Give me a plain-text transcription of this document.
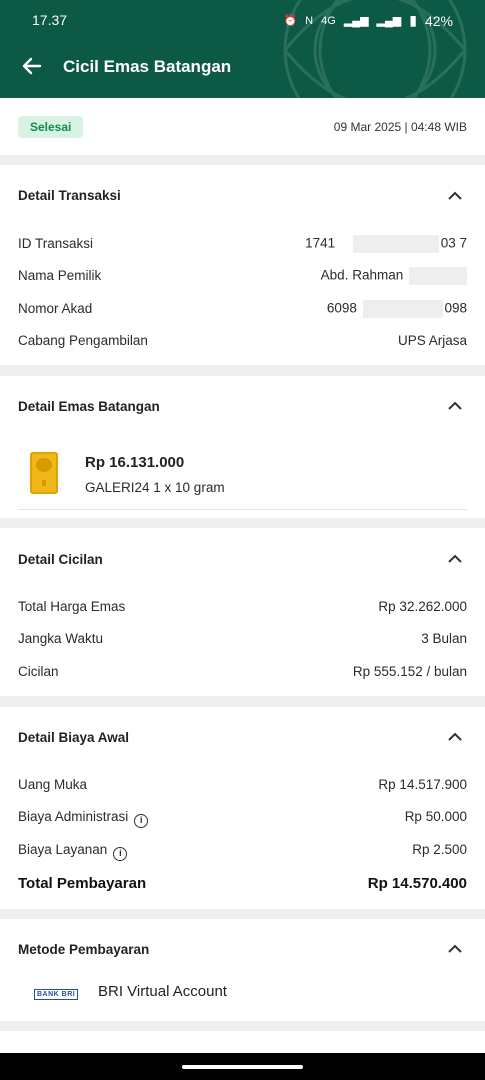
17.37	⏰ N 4G ▂▄▆ ▂▄▆ ▮ 42%
Cicil Emas Batangan
Selesai	09 Mar 2025 | 04:48 WIB
Detail Transaksi
ID Transaksi	1741	03 7
Nama Pemilik	Abd. Rahman
Nomor Akad	6098	098
Cabang Pengambilan	UPS Arjasa
Detail Emas Batangan
Rp 16.131.000
GALERI24 1 x 10 gram
Detail Cicilan
Total Harga Emas	Rp 32.262.000
Jangka Waktu	3 Bulan
Cicilan	Rp 555.152 / bulan
Detail Biaya Awal
Uang Muka	Rp 14.517.900
Biaya Administrasi i	Rp 50.000
Biaya Layanan i	Rp 2.500
Total Pembayaran	Rp 14.570.400
Metode Pembayaran
BANK BRI BRI Virtual Account
